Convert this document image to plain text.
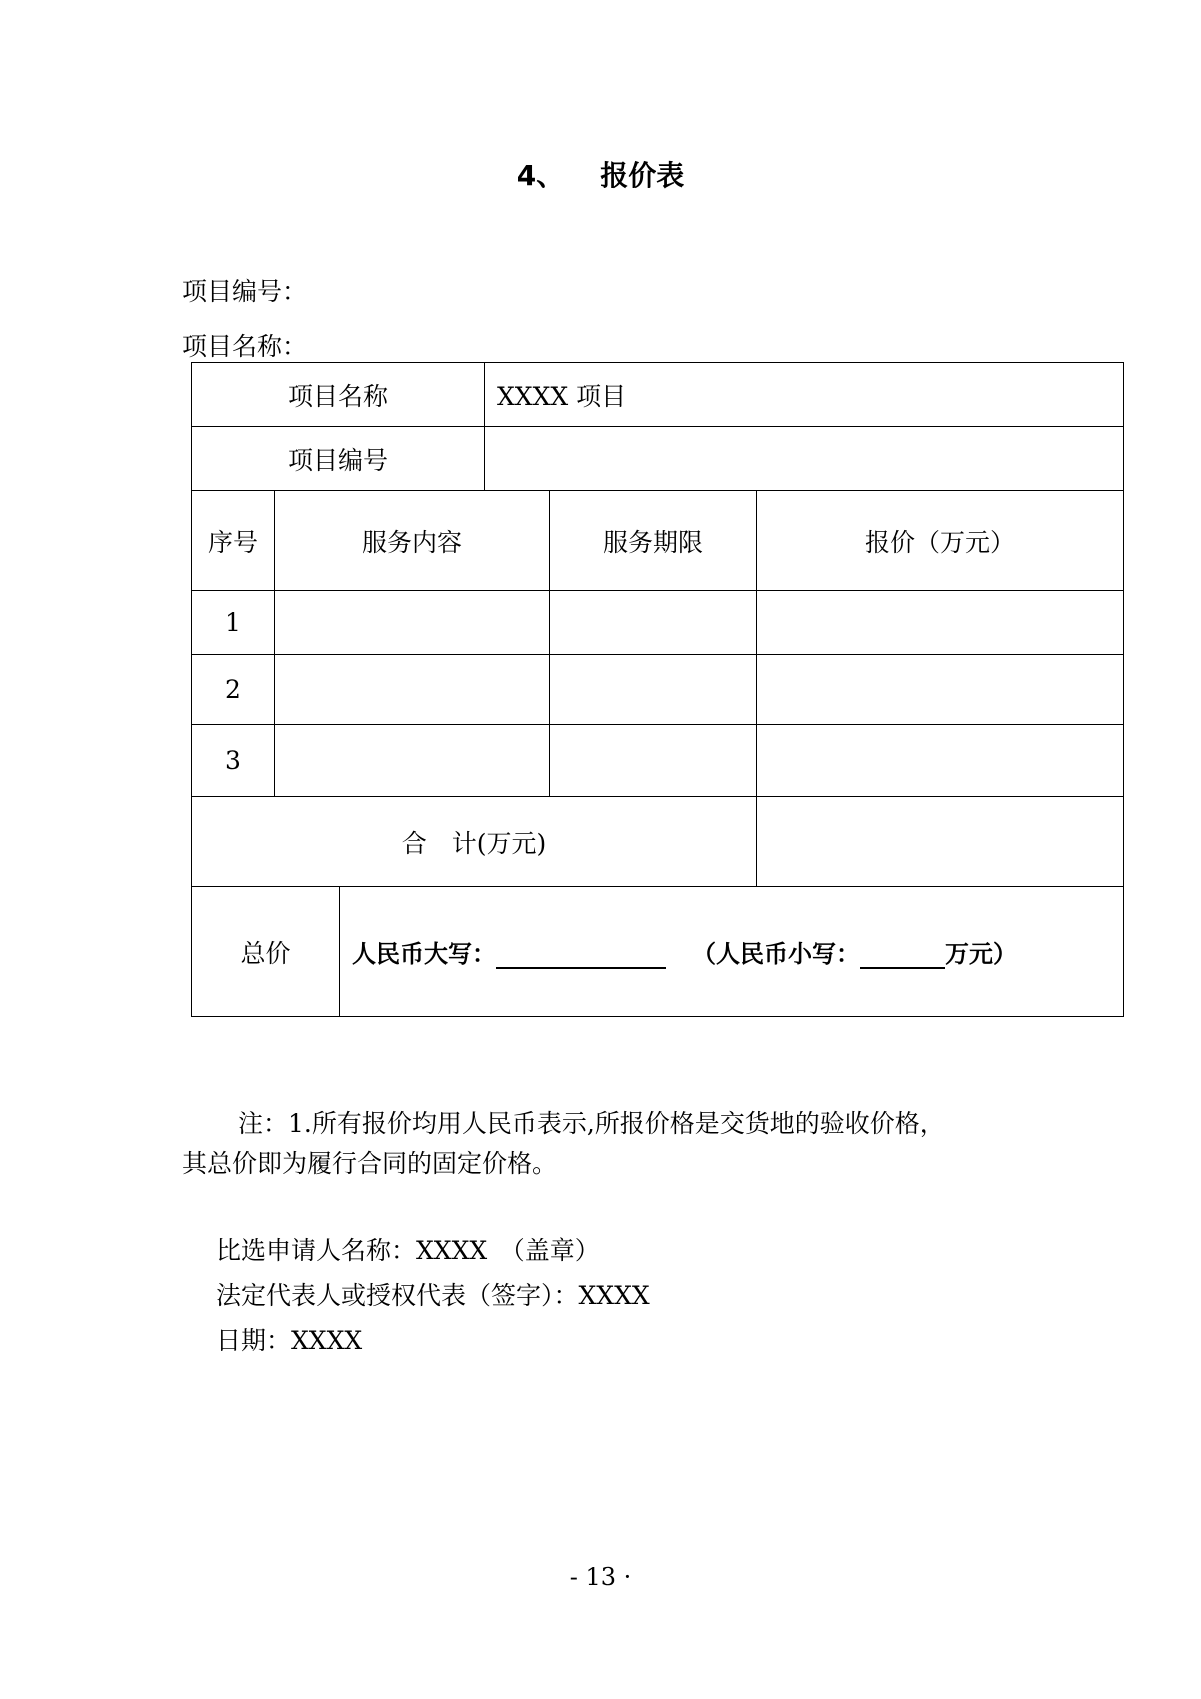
4、 报价表
项目编号：
项目名称：
项目名称			XXXX 项目		
项目编号					
序号	服务内容			服务期限	报价（万元）
1					
2					
3					
合　计(万元)					
总价		人民币大写： （人民币小写： 万元）			
注：1.所有报价均用人民币表示,所报价格是交货地的验收价格，
其总价即为履行合同的固定价格。
比选申请人名称：XXXX　（盖章）
法定代表人或授权代表（签字）：XXXX
日期：XXXX
- 13 ·
